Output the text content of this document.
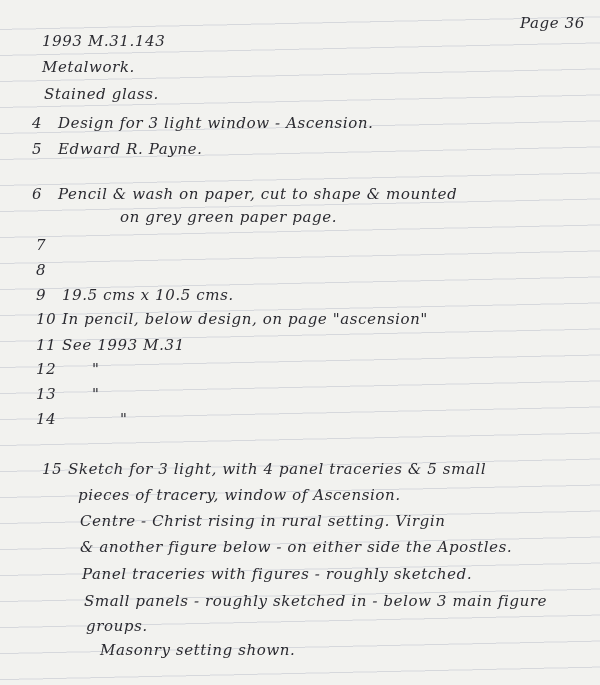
Page 36
1993 M.31.143
Metalwork.
Stained glass.
4 Design for 3 light window - Ascension.
5 Edward R. Payne.
6 Pencil & wash on paper, cut to shape & mounted
on grey green paper page.
7
8
9 19.5 cms x 10.5 cms.
10 In pencil, below design, on page "ascension"
11 See 1993 M.31
12 "
13 "
14	"
15 Sketch for 3 light, with 4 panel traceries & 5 small
pieces of tracery, window of Ascension.
Centre - Christ rising in rural setting. Virgin
& another figure below - on either side the Apostles.
Panel traceries with figures - roughly sketched.
Small panels - roughly sketched in - below 3 main figure
groups.
Masonry setting shown.
